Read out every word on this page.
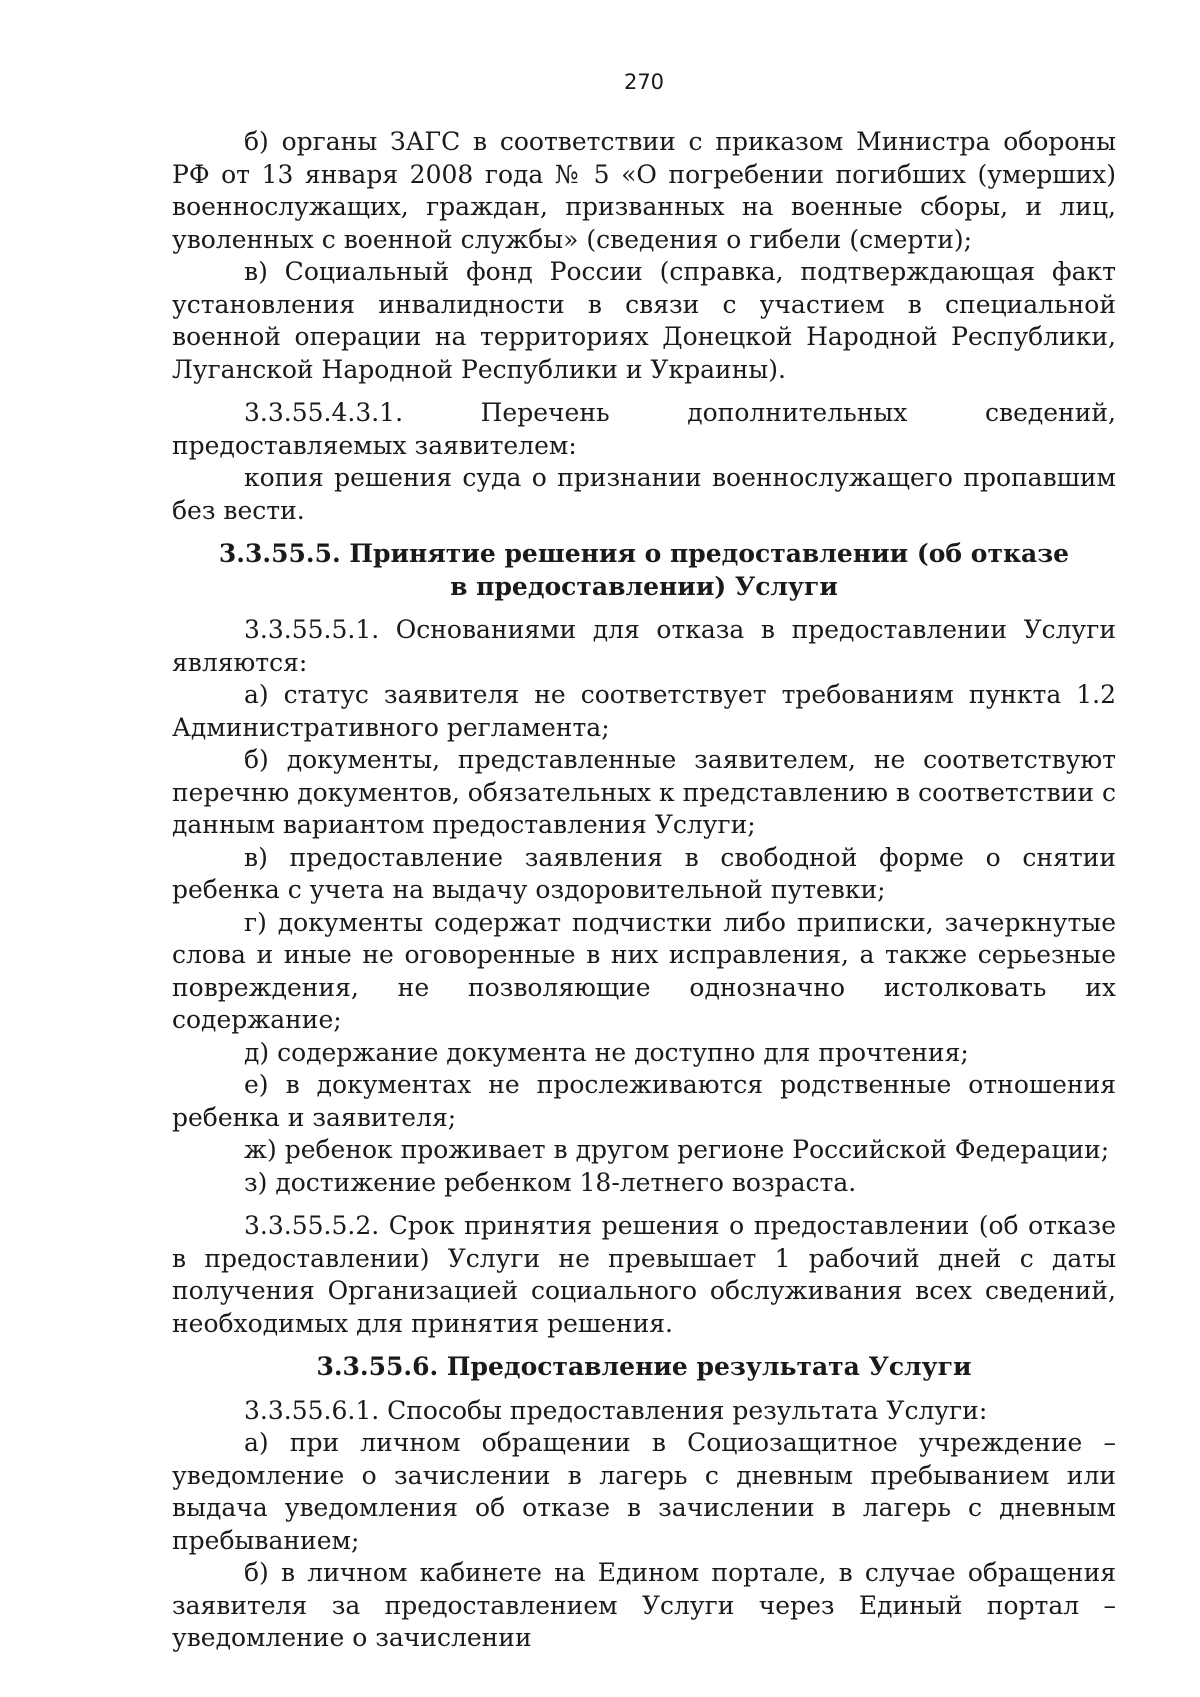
270

б) органы ЗАГС в соответствии с приказом Министра обороны РФ от 13 января 2008 года № 5 «О погребении погибших (умерших) военнослужащих, граждан, призванных на военные сборы, и лиц, уволенных с военной службы» (сведения о гибели (смерти);

в) Социальный фонд России (справка, подтверждающая факт установления инвалидности в связи с участием в специальной военной операции на территориях Донецкой Народной Республики, Луганской Народной Республики и Украины).

3.3.55.4.3.1. Перечень дополнительных сведений, предоставляемых заявителем:

копия решения суда о признании военнослужащего пропавшим без вести.

3.3.55.5. Принятие решения о предоставлении (об отказе в предоставлении) Услуги

3.3.55.5.1. Основаниями для отказа в предоставлении Услуги являются:

а) статус заявителя не соответствует требованиям пункта 1.2 Административного регламента;

б) документы, представленные заявителем, не соответствуют перечню документов, обязательных к представлению в соответствии с данным вариантом предоставления Услуги;

в) предоставление заявления в свободной форме о снятии ребенка с учета на выдачу оздоровительной путевки;

г) документы содержат подчистки либо приписки, зачеркнутые слова и иные не оговоренные в них исправления, а также серьезные повреждения, не позволяющие однозначно истолковать их содержание;

д) содержание документа не доступно для прочтения;

е) в документах не прослеживаются родственные отношения ребенка и заявителя;

ж) ребенок проживает в другом регионе Российской Федерации;

з) достижение ребенком 18-летнего возраста.

3.3.55.5.2. Срок принятия решения о предоставлении (об отказе в предоставлении) Услуги не превышает 1 рабочий дней с даты получения Организацией социального обслуживания всех сведений, необходимых для принятия решения.

3.3.55.6. Предоставление результата Услуги

3.3.55.6.1. Способы предоставления результата Услуги:

а) при личном обращении в Социозащитное учреждение – уведомление о зачислении в лагерь с дневным пребыванием или выдача уведомления об отказе в зачислении в лагерь с дневным пребыванием;

б) в личном кабинете на Едином портале, в случае обращения заявителя за предоставлением Услуги через Единый портал – уведомление о зачислении
